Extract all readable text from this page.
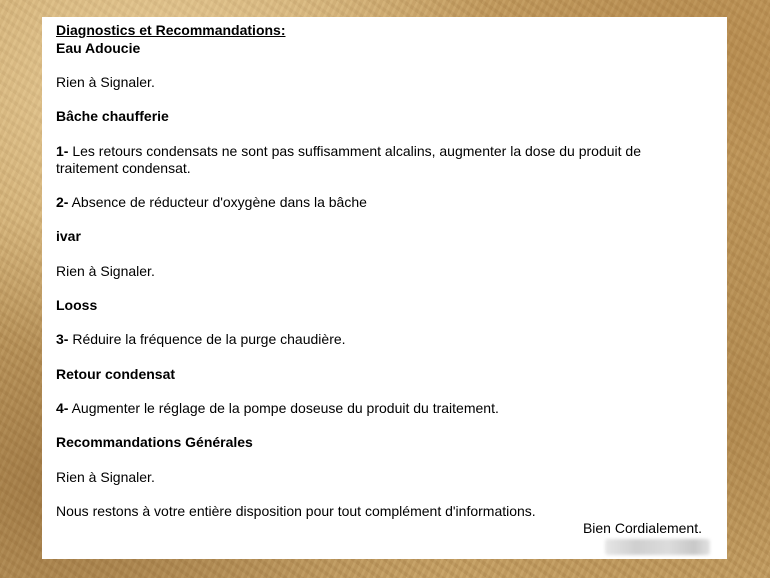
Diagnostics et Recommandations:
Eau Adoucie
Rien à Signaler.
Bâche chaufferie
1- Les retours condensats ne sont pas suffisamment alcalins, augmenter la dose du produit de traitement condensat.
2- Absence de réducteur d'oxygène dans la bâche
ivar
Rien à Signaler.
Looss
3- Réduire la fréquence de la purge chaudière.
Retour condensat
4- Augmenter le réglage de la pompe doseuse du produit du traitement.
Recommandations Générales
Rien à Signaler.
Nous restons à votre entière disposition pour tout complément d'informations.
Bien Cordialement.
